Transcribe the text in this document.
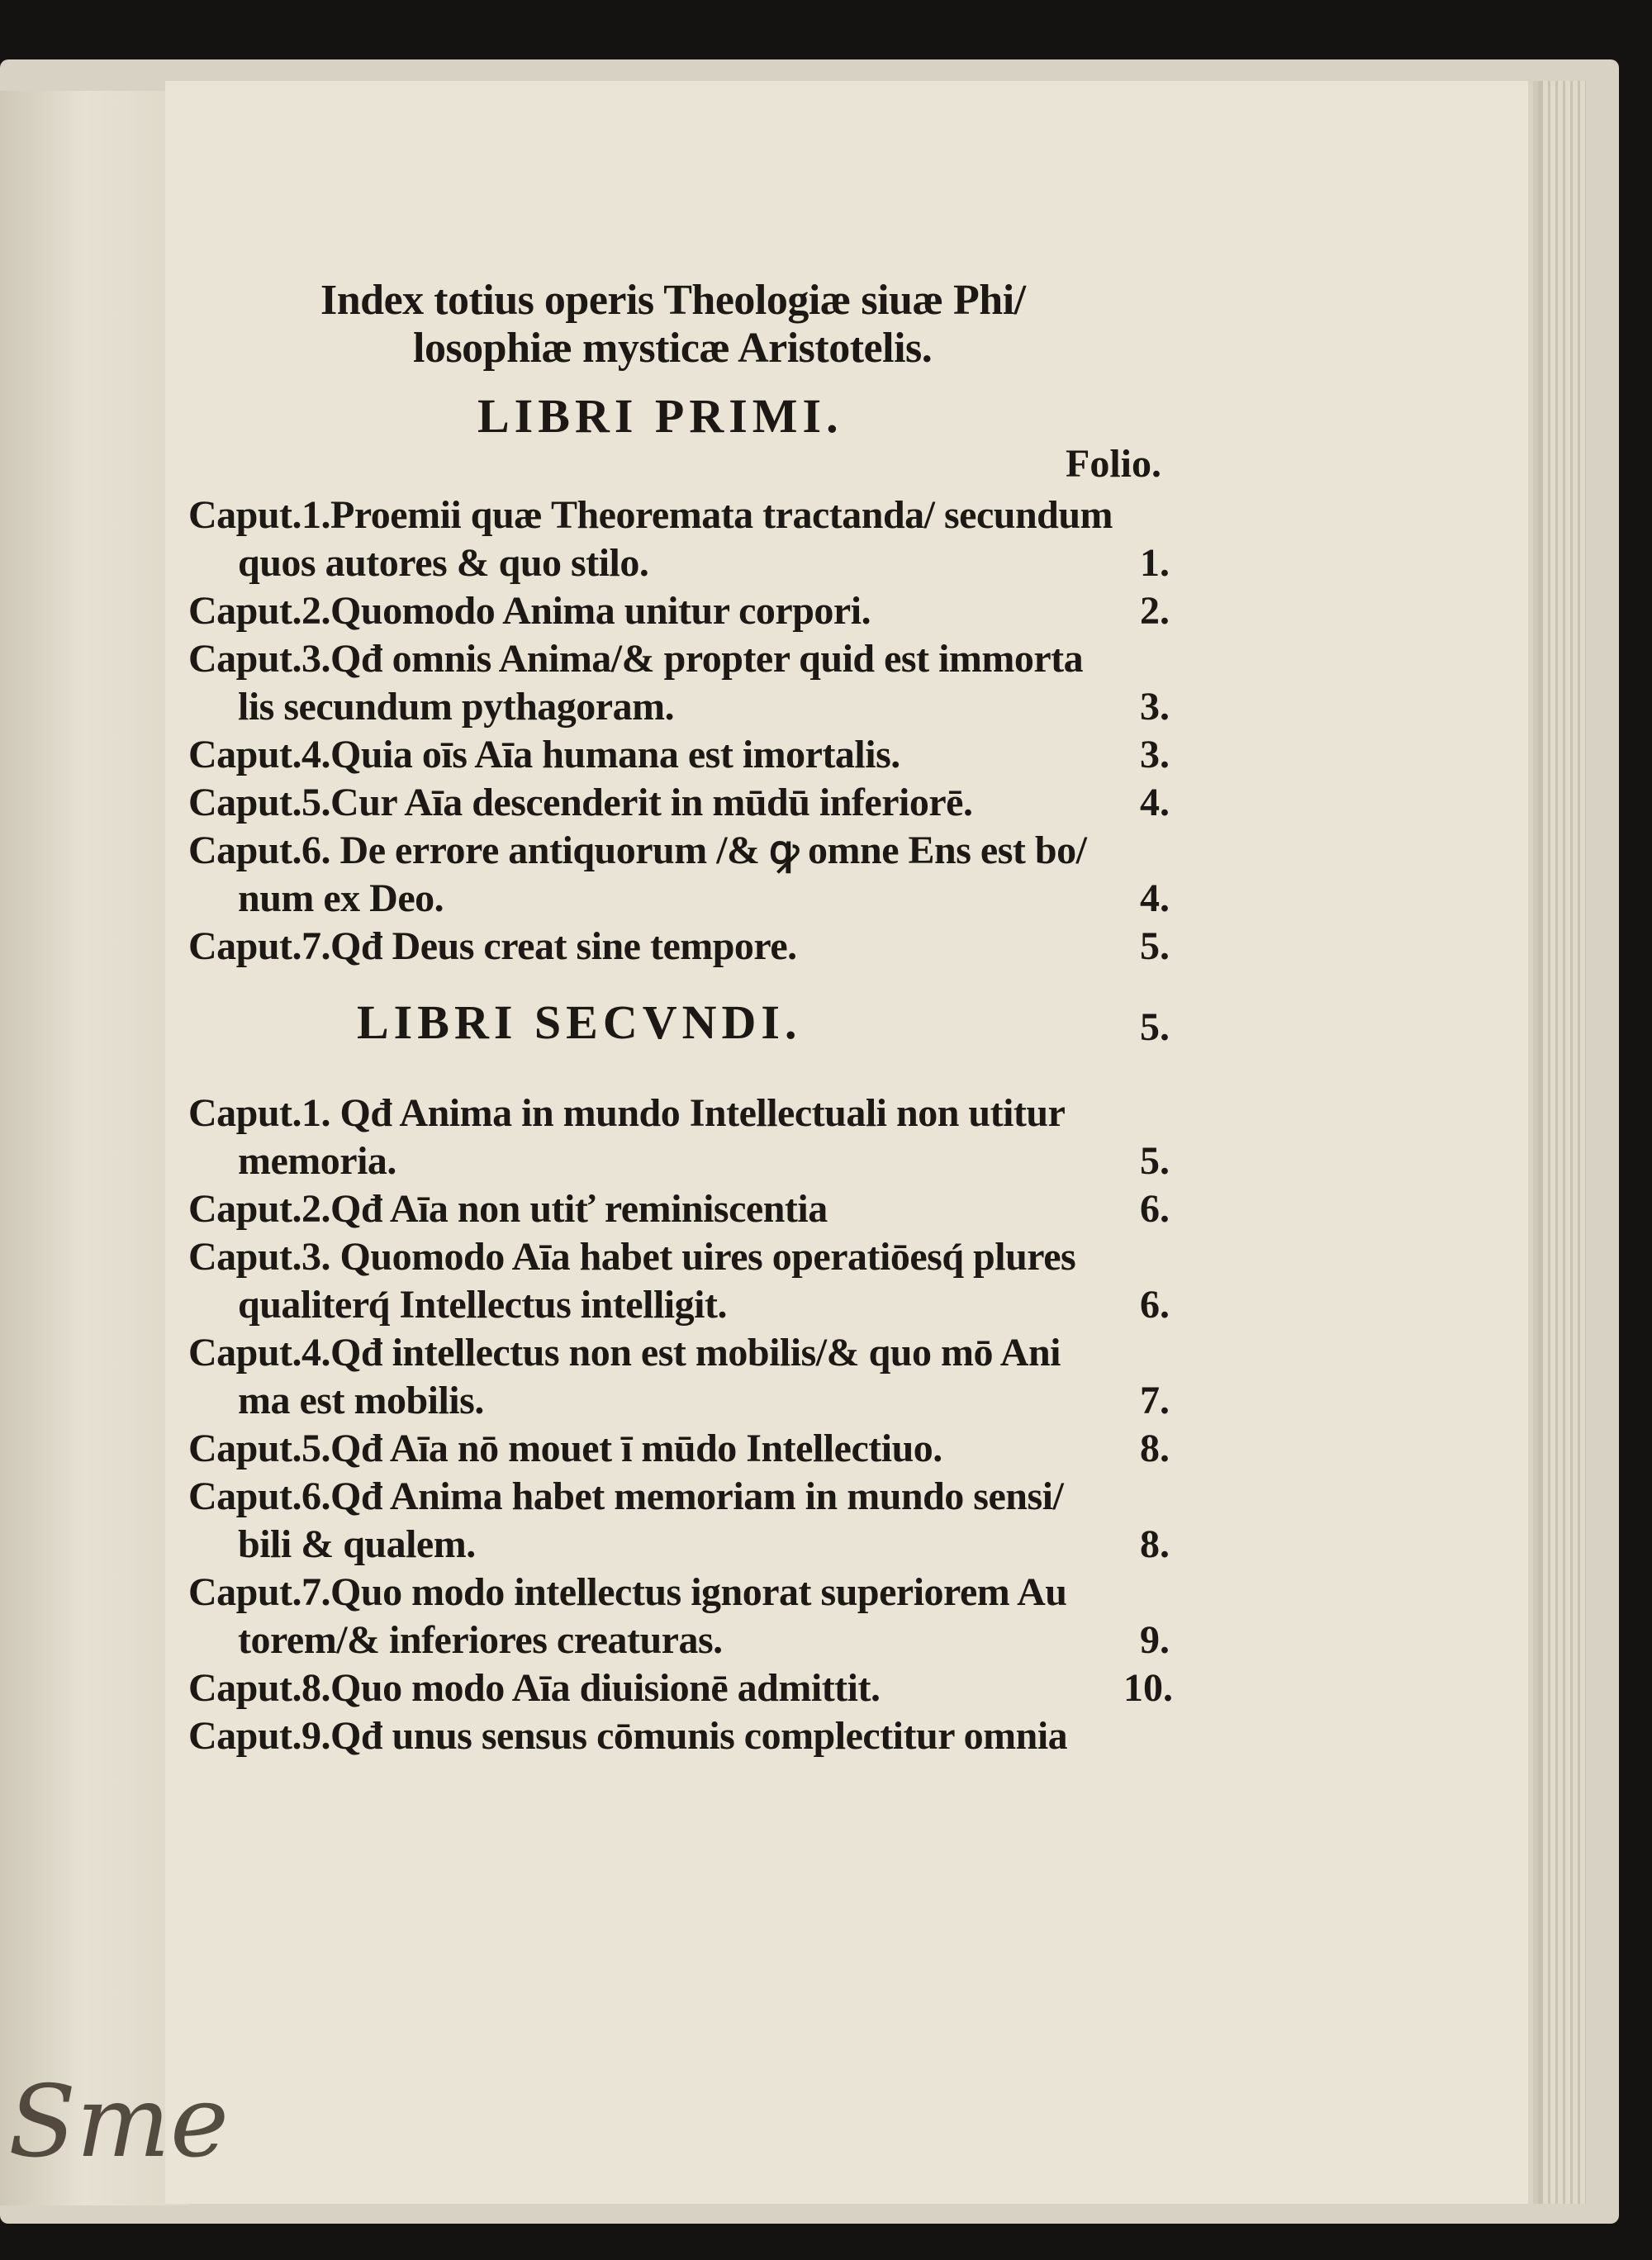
Index totius operis Theologiæ siuæ Phi/
losophiæ mysticæ Aristotelis.
LIBRI PRIMI.
Folio.
Caput.1.Proemii quæ Theoremata tractanda/ secundum
quos autores & quo stilo.	1.
Caput.2.Quomodo Anima unitur corpori.	2.
Caput.3.Qđ omnis Anima/& propter quid est immorta
lis secundum pythagoram.	3.
Caput.4.Quia oīs Aīa humana est imortalis.	3.
Caput.5.Cur Aīa descenderit in mūdū inferiorē.	4.
Caput.6. De errore antiquorum /& ꝙ omne Ens est bo/
num ex Deo.	4.
Caput.7.Qđ Deus creat sine tempore.	5.
LIBRI SECVNDI.	5.
Caput.1. Qđ Anima in mundo Intellectuali non utitur
memoria.	5.
Caput.2.Qđ Aīa non utiť reminiscentia	6.
Caput.3. Quomodo Aīa habet uires operatiōesq́ plures
qualiterq́ Intellectus intelligit.	6.
Caput.4.Qđ intellectus non est mobilis/& quo mō Ani
ma est mobilis.	7.
Caput.5.Qđ Aīa nō mouet ī mūdo Intellectiuo.	8.
Caput.6.Qđ Anima habet memoriam in mundo sensi/
bili & qualem.	8.
Caput.7.Quo modo intellectus ignorat superiorem Au
torem/& inferiores creaturas.	9.
Caput.8.Quo modo Aīa diuisionē admittit.	10.
Caput.9.Qđ unus sensus cōmunis complectitur omnia
Sme
